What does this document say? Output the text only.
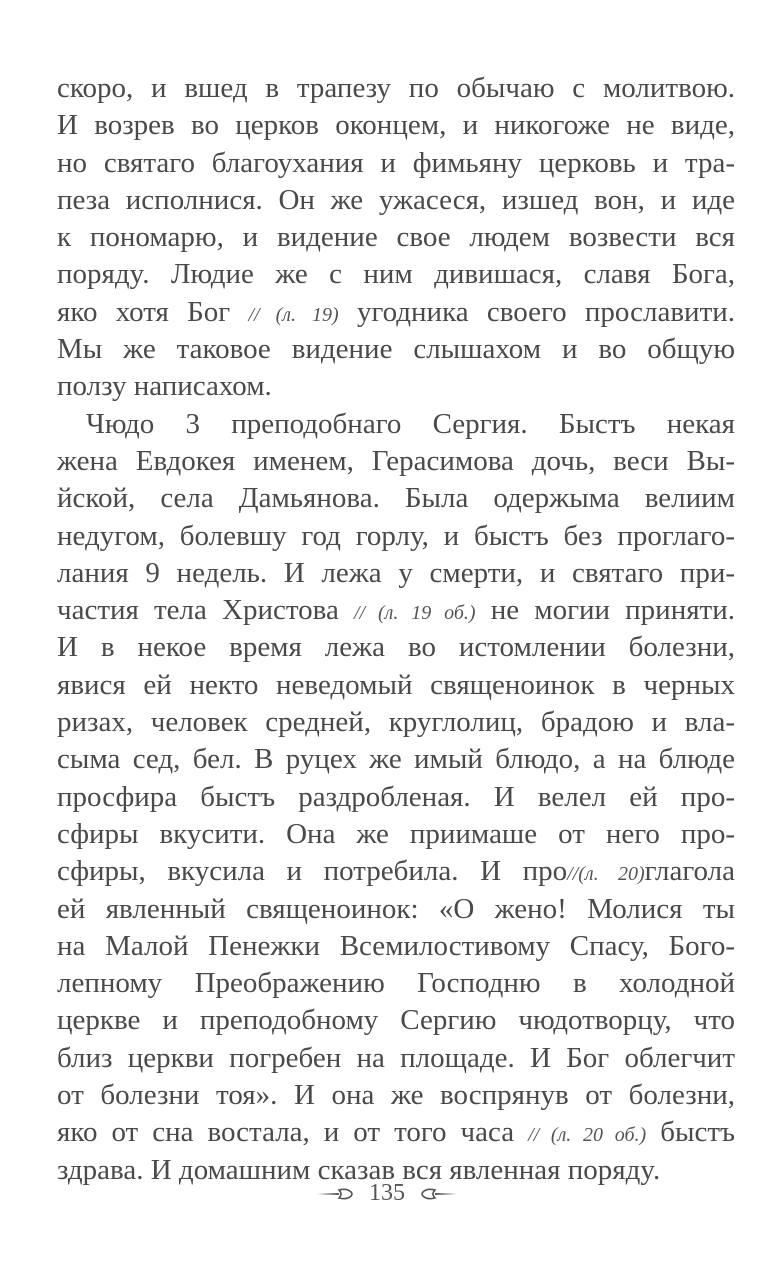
скоро, и вшед в трапезу по обычаю с молитвою.
И возрев во церков оконцем, и никогоже не виде,
но святаго благоухания и фимьяну церковь и тра-
пеза исполнися. Он же ужасеся, изшед вон, и иде
к пономарю, и видение свое людем возвести вся
порядy. Людие же с ним дивишася, славя Бога,
яко хотя Бог // (л. 19) угодника своего прославити.
Мы же таковое видение слышахом и во общую
ползу написахом.
Чюдо 3 преподобнаго Сергия. Быстъ некая
жена Евдокея именем, Герасимова дочь, веси Вы-
йской, села Дамьянова. Была одержыма велиим
недугом, болевшу год горлу, и быстъ без проглаго-
лания 9 недель. И лежа у смерти, и святаго при-
частия тела Христова // (л. 19 об.) не могии приняти.
И в некое время лежа во истомлении болезни,
явися ей некто неведомый священоинок в черных
ризах, человек средней, круглолиц, брадою и вла-
сыма сед, бел. В руцех же имый блюдо, а на блюде
просфира быстъ раздробленая. И велел ей про-
сфиры вкусити. Она же приимаше от него про-
сфиры, вкусила и потребила. И про//(л. 20)глагола
ей явленный священоинок: «О жено! Молися ты
на Малой Пенежки Всемилостивому Спасу, Бого-
лепному Преображению Господню в холодной
церкве и преподобному Сергию чюдотворцу, что
близ церкви погребен на площаде. И Бог облегчит
от болезни тоя». И она же воспрянув от болезни,
яко от сна востала, и от того часа // (л. 20 об.) быстъ
здрава. И домашним сказав вся явленная порядy.
135
